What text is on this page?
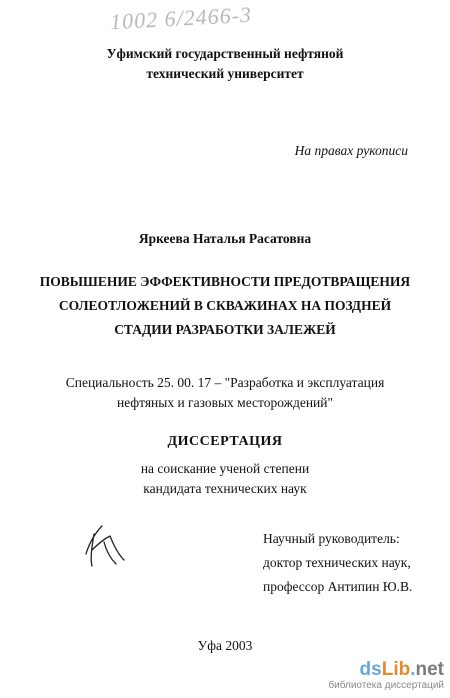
1002 6/2466-3
Уфимский государственный нефтяной
технический университет
На правах рукописи
Яркеева Наталья Расатовна
ПОВЫШЕНИЕ ЭФФЕКТИВНОСТИ ПРЕДОТВРАЩЕНИЯ
СОЛЕОТЛОЖЕНИЙ В СКВАЖИНАХ НА ПОЗДНЕЙ
СТАДИИ РАЗРАБОТКИ ЗАЛЕЖЕЙ
Специальность 25. 00. 17 – "Разработка и эксплуатация
нефтяных и газовых месторождений"
ДИССЕРТАЦИЯ
на соискание ученой степени
кандидата технических наук
Научный руководитель:
доктор технических наук,
профессор Антипин Ю.В.
Уфа 2003
dsLib.net
библиотека диссертаций
